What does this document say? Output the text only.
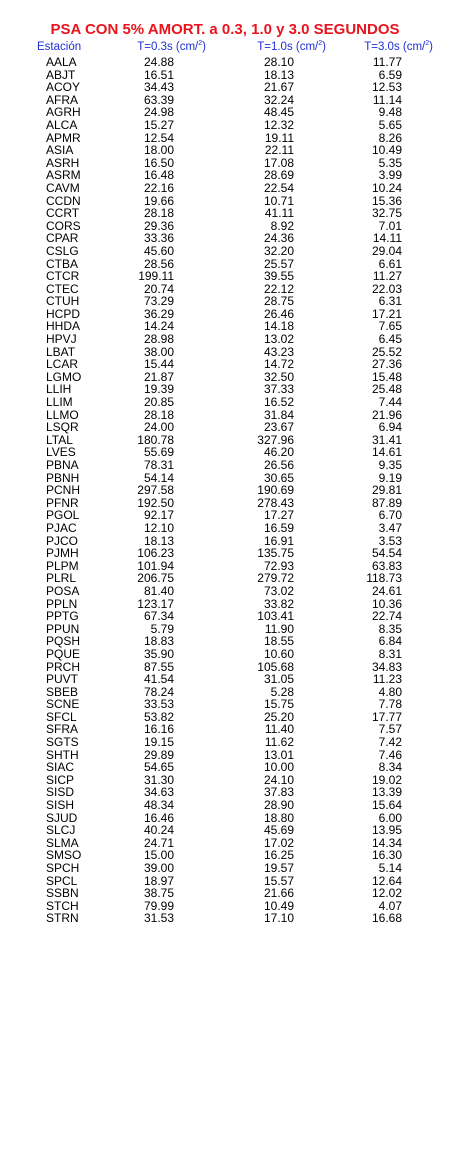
PSA CON 5% AMORT. a 0.3, 1.0 y 3.0 SEGUNDOS
Estación	T=0.3s (cm/$^2$)	T=1.0s (cm/$^2$)	T=3.0s (cm/$^2$)
AALA	24.88	28.10	11.77
ABJT	16.51	18.13	6.59
ACOY	34.43	21.67	12.53
AFRA	63.39	32.24	11.14
AGRH	24.98	48.45	9.48
ALCA	15.27	12.32	5.65
APMR	12.54	19.11	8.26
ASIA	18.00	22.11	10.49
ASRH	16.50	17.08	5.35
ASRM	16.48	28.69	3.99
CAVM	22.16	22.54	10.24
CCDN	19.66	10.71	15.36
CCRT	28.18	41.11	32.75
CORS	29.36	8.92	7.01
CPAR	33.36	24.36	14.11
CSLG	45.60	32.20	29.04
CTBA	28.56	25.57	6.61
CTCR	199.11	39.55	11.27
CTEC	20.74	22.12	22.03
CTUH	73.29	28.75	6.31
HCPD	36.29	26.46	17.21
HHDA	14.24	14.18	7.65
HPVJ	28.98	13.02	6.45
LBAT	38.00	43.23	25.52
LCAR	15.44	14.72	27.36
LGMO	21.87	32.50	15.48
LLIH	19.39	37.33	25.48
LLIM	20.85	16.52	7.44
LLMO	28.18	31.84	21.96
LSQR	24.00	23.67	6.94
LTAL	180.78	327.96	31.41
LVES	55.69	46.20	14.61
PBNA	78.31	26.56	9.35
PBNH	54.14	30.65	9.19
PCNH	297.58	190.69	29.81
PFNR	192.50	278.43	87.89
PGOL	92.17	17.27	6.70
PJAC	12.10	16.59	3.47
PJCO	18.13	16.91	3.53
PJMH	106.23	135.75	54.54
PLPM	101.94	72.93	63.83
PLRL	206.75	279.72	118.73
POSA	81.40	73.02	24.61
PPLN	123.17	33.82	10.36
PPTG	67.34	103.41	22.74
PPUN	5.79	11.90	8.35
PQSH	18.83	18.55	6.84
PQUE	35.90	10.60	8.31
PRCH	87.55	105.68	34.83
PUVT	41.54	31.05	11.23
SBEB	78.24	5.28	4.80
SCNE	33.53	15.75	7.78
SFCL	53.82	25.20	17.77
SFRA	16.16	11.40	7.57
SGTS	19.15	11.62	7.42
SHTH	29.89	13.01	7.46
SIAC	54.65	10.00	8.34
SICP	31.30	24.10	19.02
SISD	34.63	37.83	13.39
SISH	48.34	28.90	15.64
SJUD	16.46	18.80	6.00
SLCJ	40.24	45.69	13.95
SLMA	24.71	17.02	14.34
SMSO	15.00	16.25	16.30
SPCH	39.00	19.57	5.14
SPCL	18.97	15.57	12.64
SSBN	38.75	21.66	12.02
STCH	79.99	10.49	4.07
STRN	31.53	17.10	16.68
